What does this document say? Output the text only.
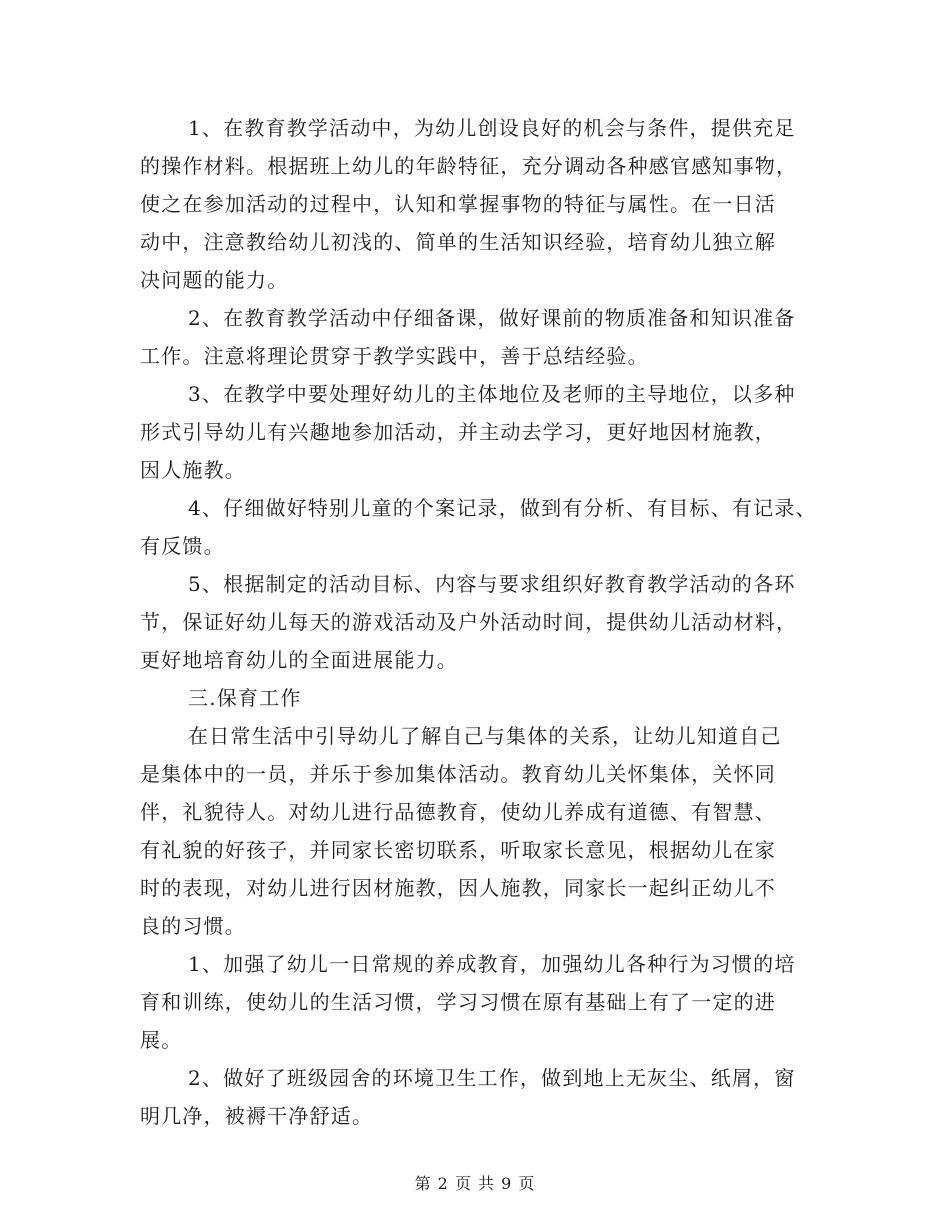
1、在教育教学活动中，为幼儿创设良好的机会与条件，提供充足
的操作材料。根据班上幼儿的年龄特征，充分调动各种感官感知事物，
使之在参加活动的过程中，认知和掌握事物的特征与属性。在一日活
动中，注意教给幼儿初浅的、简单的生活知识经验，培育幼儿独立解
决问题的能力。
2、在教育教学活动中仔细备课，做好课前的物质准备和知识准备
工作。注意将理论贯穿于教学实践中，善于总结经验。
3、在教学中要处理好幼儿的主体地位及老师的主导地位，以多种
形式引导幼儿有兴趣地参加活动，并主动去学习，更好地因材施教，
因人施教。
4、仔细做好特别儿童的个案记录，做到有分析、有目标、有记录、
有反馈。
5、根据制定的活动目标、内容与要求组织好教育教学活动的各环
节，保证好幼儿每天的游戏活动及户外活动时间，提供幼儿活动材料，
更好地培育幼儿的全面进展能力。
三.保育工作
在日常生活中引导幼儿了解自己与集体的关系，让幼儿知道自己
是集体中的一员，并乐于参加集体活动。教育幼儿关怀集体，关怀同
伴，礼貌待人。对幼儿进行品德教育，使幼儿养成有道德、有智慧、
有礼貌的好孩子，并同家长密切联系，听取家长意见，根据幼儿在家
时的表现，对幼儿进行因材施教，因人施教，同家长一起纠正幼儿不
良的习惯。
1、加强了幼儿一日常规的养成教育，加强幼儿各种行为习惯的培
育和训练，使幼儿的生活习惯，学习习惯在原有基础上有了一定的进
展。
2、做好了班级园舍的环境卫生工作，做到地上无灰尘、纸屑，窗
明几净，被褥干净舒适。
第 2 页 共 9 页
